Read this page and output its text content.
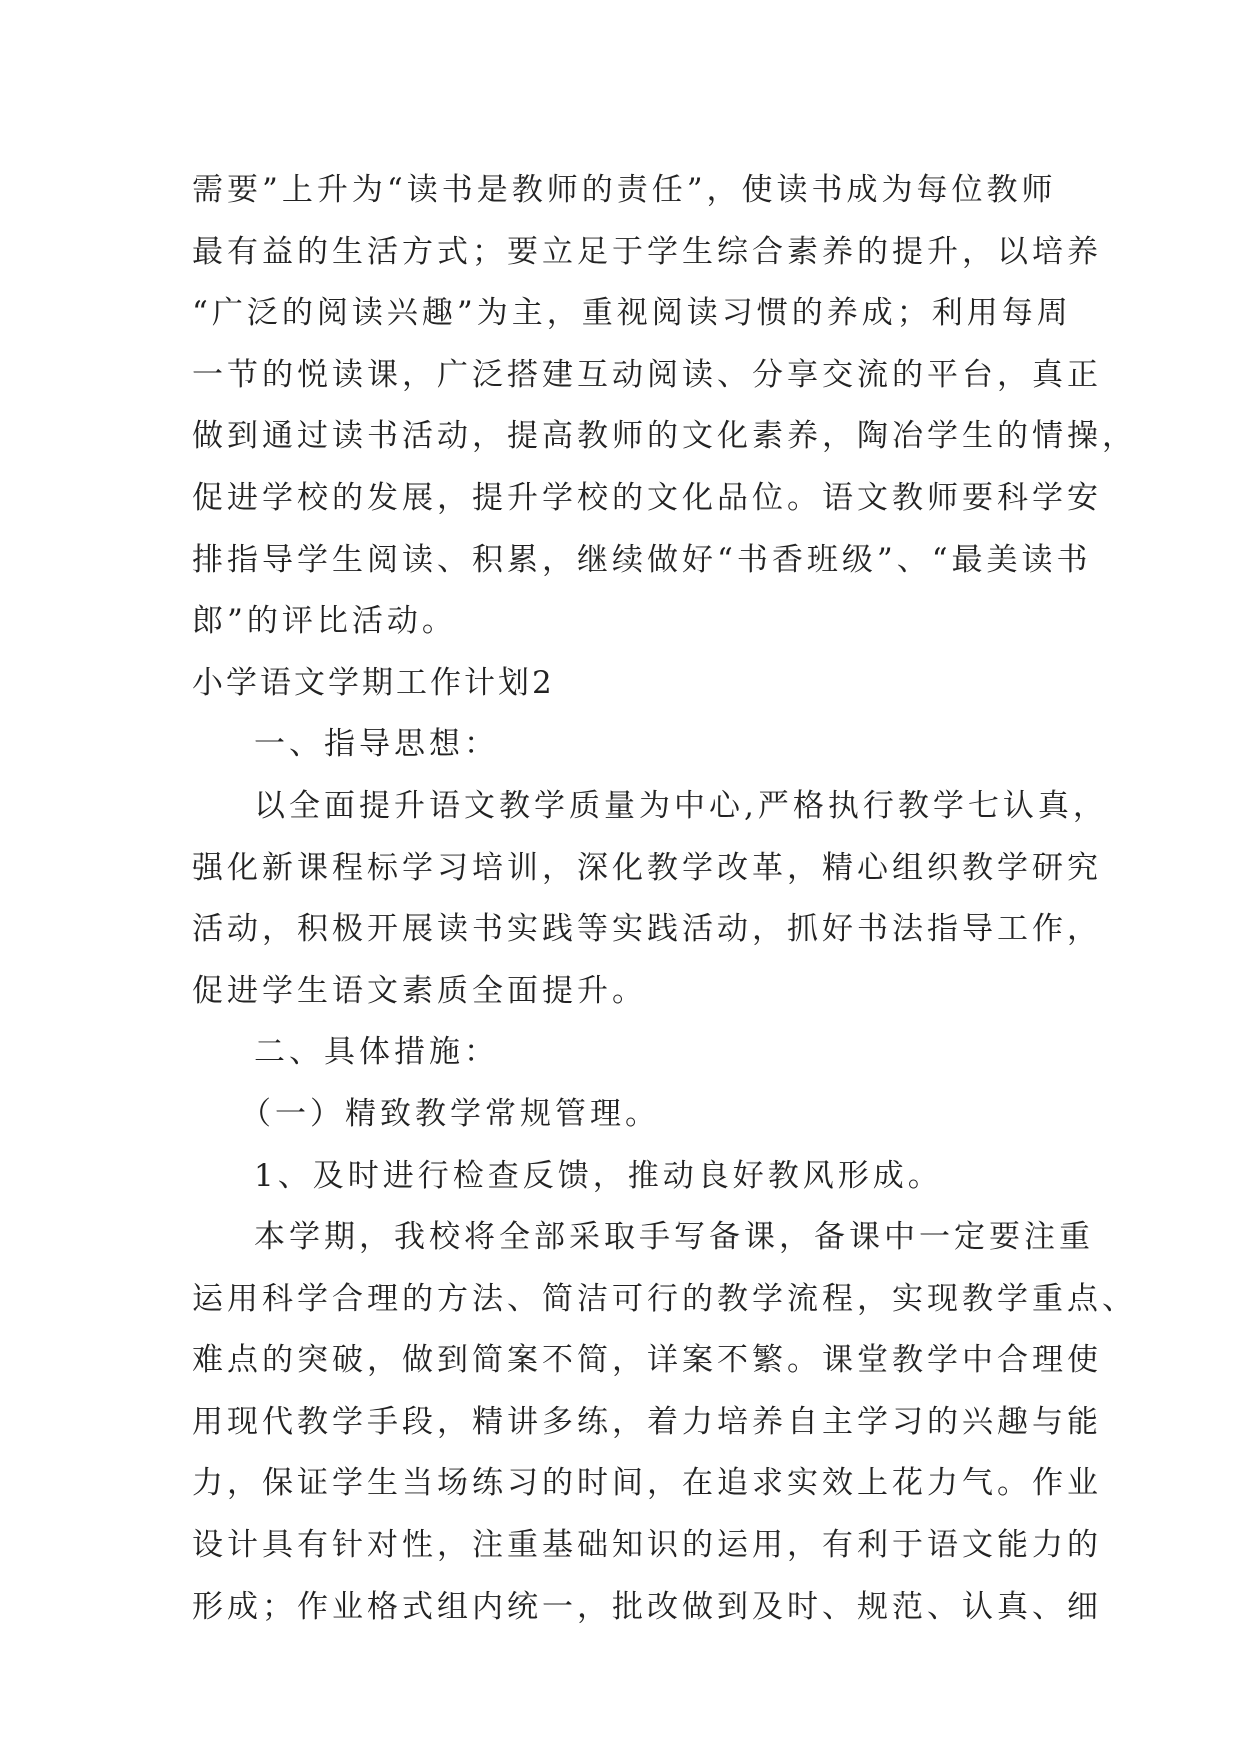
需要”上升为“读书是教师的责任”，使读书成为每位教师
最有益的生活方式；要立足于学生综合素养的提升，以培养
“广泛的阅读兴趣”为主，重视阅读习惯的养成；利用每周
一节的悦读课，广泛搭建互动阅读、分享交流的平台，真正
做到通过读书活动，提高教师的文化素养，陶冶学生的情操，
促进学校的发展，提升学校的文化品位。语文教师要科学安
排指导学生阅读、积累，继续做好“书香班级”、“最美读书
郎”的评比活动。
小学语文学期工作计划2
一、指导思想：
以全面提升语文教学质量为中心,严格执行教学七认真，
强化新课程标学习培训，深化教学改革，精心组织教学研究
活动，积极开展读书实践等实践活动，抓好书法指导工作，
促进学生语文素质全面提升。
二、具体措施：
（一）精致教学常规管理。
1、及时进行检查反馈，推动良好教风形成。
本学期，我校将全部采取手写备课，备课中一定要注重
运用科学合理的方法、简洁可行的教学流程，实现教学重点、
难点的突破，做到简案不简，详案不繁。课堂教学中合理使
用现代教学手段，精讲多练，着力培养自主学习的兴趣与能
力，保证学生当场练习的时间，在追求实效上花力气。作业
设计具有针对性，注重基础知识的运用，有利于语文能力的
形成；作业格式组内统一，批改做到及时、规范、认真、细
